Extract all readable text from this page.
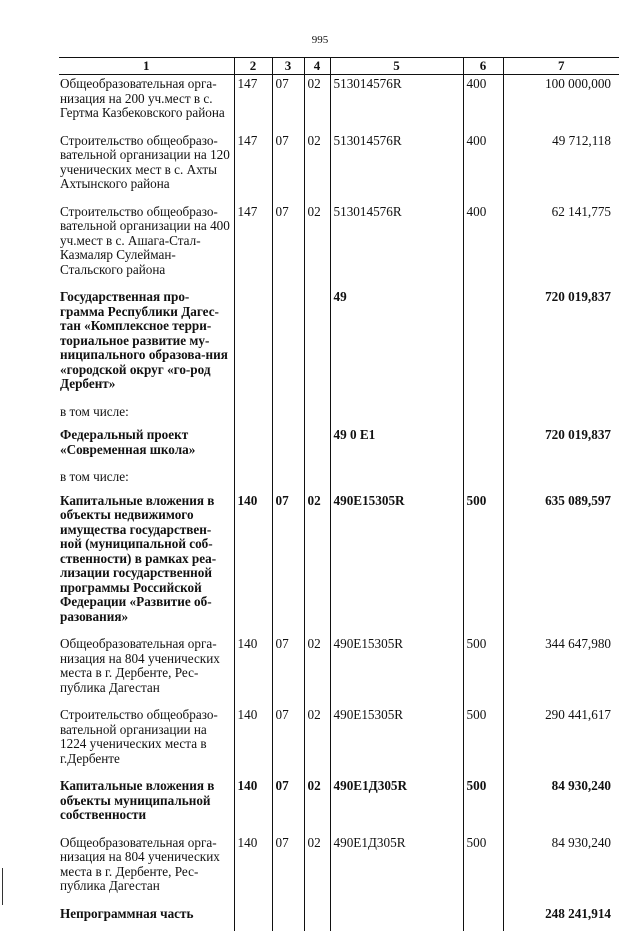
995
1	2	3	4	5	6	7
Общеобразовательная орга-низация на 200 уч.мест в с. Гертма Казбековского района	147	07	02	513014576R	400	100 000,000
Строительство общеобразо-вательной организации на 120 ученических мест в с. Ахты Ахтынского района	147	07	02	513014576R	400	49 712,118
Строительство общеобразо-вательной организации на 400 уч.мест в с. Ашага-Стал-Казмаляр Сулейман-Стальского района	147	07	02	513014576R	400	62 141,775
Государственная про-грамма Республики Дагес-тан «Комплексное терри-ториальное развитие му-ниципального образова-ния «городской округ «го-род Дербент»				49		720 019,837
в том числе:						
Федеральный проект «Современная школа»				49 0 E1		720 019,837
в том числе:						
Капитальные вложения в объекты недвижимого имущества государствен-ной (муниципальной соб-ственности) в рамках реа-лизации государственной программы Российской Федерации «Развитие об-разования»	140	07	02	490E15305R	500	635 089,597
Общеобразовательная орга-низация на 804 ученических места в г. Дербенте, Рес-публика Дагестан	140	07	02	490E15305R	500	344 647,980
Строительство общеобразо-вательной организации на 1224 ученических места в г.Дербенте	140	07	02	490E15305R	500	290 441,617
Капитальные вложения в объекты муниципальной собственности	140	07	02	490E1Д305R	500	84 930,240
Общеобразовательная орга-низация на 804 ученических места в г. Дербенте, Рес-публика Дагестан	140	07	02	490E1Д305R	500	84 930,240
Непрограммная часть						248 241,914
